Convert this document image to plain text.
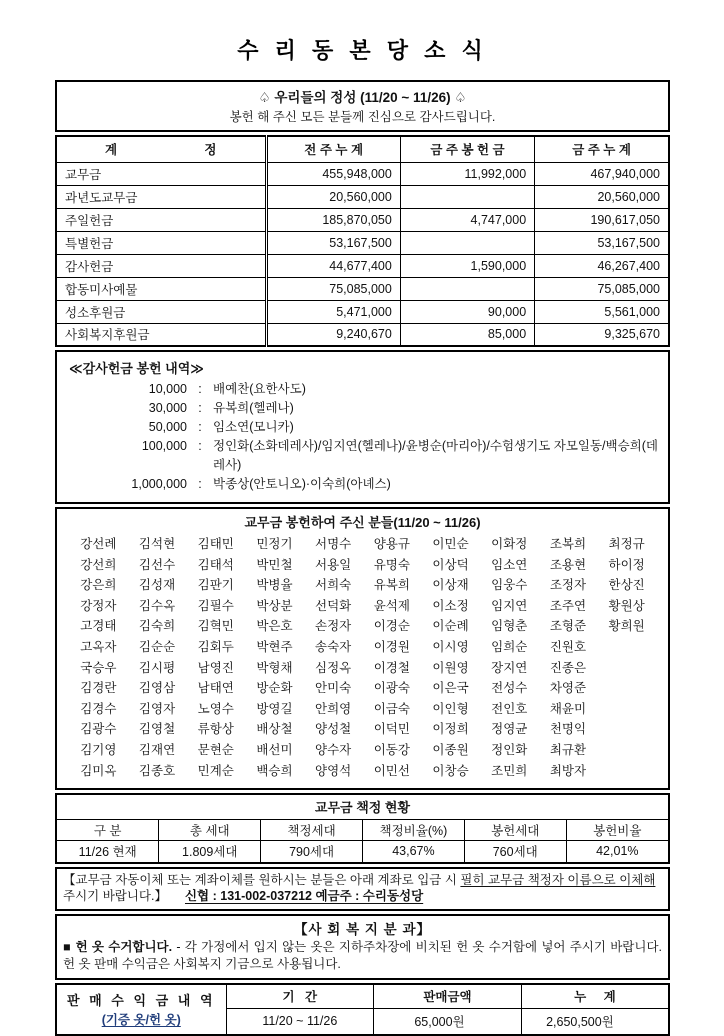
수 리 동 본 당 소 식
♤ 우리들의 정성 (11/20 ~ 11/26) ♤
봉헌 해 주신 모든 분들께 진심으로 감사드립니다.
계 정	전 주 누 계	금 주 봉 헌 금	금 주 누 계
교무금	455,948,000	11,992,000	467,940,000
과년도교무금	20,560,000		20,560,000
주일헌금	185,870,050	4,747,000	190,617,050
특별헌금	53,167,500		53,167,500
감사헌금	44,677,400	1,590,000	46,267,400
합동미사예물	75,085,000		75,085,000
성소후원금	5,471,000	90,000	5,561,000
사회복지후원금	9,240,670	85,000	9,325,670
≪감사헌금 봉헌 내역≫
10,000 : 배예찬(요한사도)
30,000 : 유복희(헬레나)
50,000 : 임소연(모니카)
100,000 : 정인화(소화데레사)/임지연(헬레나)/윤병순(마리아)/수험생기도 자모일동/백승희(데레사)
1,000,000 : 박종상(안토니오)·이숙희(아녜스)
교무금 봉헌하여 주신 분들(11/20 ~ 11/26)
강선례	김석현	김태민	민정기	서명수	양용규	이민순	이화정	조복희	최정규
강선희	김선수	김태석	박민철	서용일	유명숙	이상덕	임소연	조용현	하이정
강은희	김성재	김판기	박병율	서희숙	유복희	이상재	임웅수	조정자	한상진
강정자	김수옥	김필수	박상분	선덕화	윤석제	이소정	임지연	조주연	황원상
고경태	김숙희	김혁민	박은호	손정자	이경순	이순례	임형춘	조형준	황희원
고옥자	김순순	김회두	박현주	송숙자	이경원	이시영	임희순	진원호
국승우	김시평	남영진	박형채	심정옥	이경철	이원영	장지연	진종은
김경란	김영삼	남태연	방순화	안미숙	이광숙	이은국	전성수	차영준
김경수	김영자	노영수	방영길	안희영	이금숙	이인형	전인호	채윤미
김광수	김영철	류항상	배상철	양성철	이덕민	이정희	정영균	천명익
김기영	김재연	문현순	배선미	양수자	이동강	이종원	정인화	최규환
김미옥	김종호	민계순	백승희	양영석	이민선	이창승	조민희	최방자
교무금 책정 현황
구 분	총 세대	책정세대	책정비율(%)	봉헌세대	봉헌비율
11/26 현재	1.809세대	790세대	43,67%	760세대	42,01%
【교무금 자동이체 또는 계좌이체를 원하시는 분들은 아래 계좌로 입금 시 필히 교무금 책정자 이름으로 이체해 주시기 바랍니다.】 신협 : 131-002-037212 예금주 : 수리동성당
【사 회 복 지 분 과】
■ 헌 옷 수거합니다. - 각 가정에서 입지 않는 옷은 지하주차장에 비치된 헌 옷 수거함에 넣어 주시기 바랍니다. 헌 옷 판매 수익금은 사회복지 기금으로 사용됩니다.
판 매 수 익 금 내 역
(기증 옷/헌 옷)	기   간	판매금액	누     계
	11/20 ~ 11/26	65,000원	2,650,500원
